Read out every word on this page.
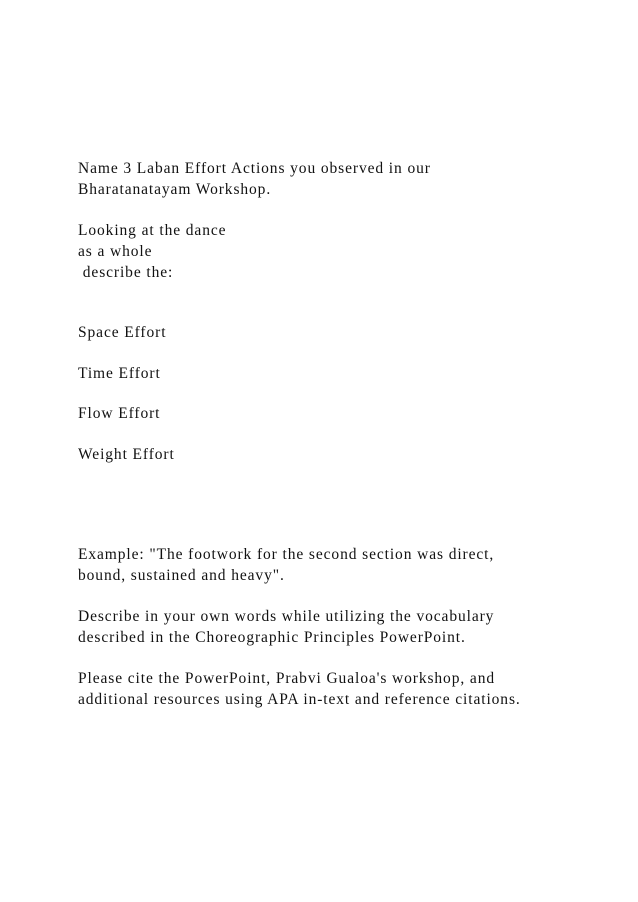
Name 3 Laban Effort Actions you observed in our

Bharatanatayam Workshop.

Looking at the dance

as a whole

describe the:

Space Effort

Time Effort

Flow Effort

Weight Effort

Example: "The footwork for the second section was direct,

bound, sustained and heavy".

Describe in your own words while utilizing the vocabulary

described in the Choreographic Principles PowerPoint.

Please cite the PowerPoint, Prabvi Gualoa's workshop, and

additional resources using APA in-text and reference citations.
